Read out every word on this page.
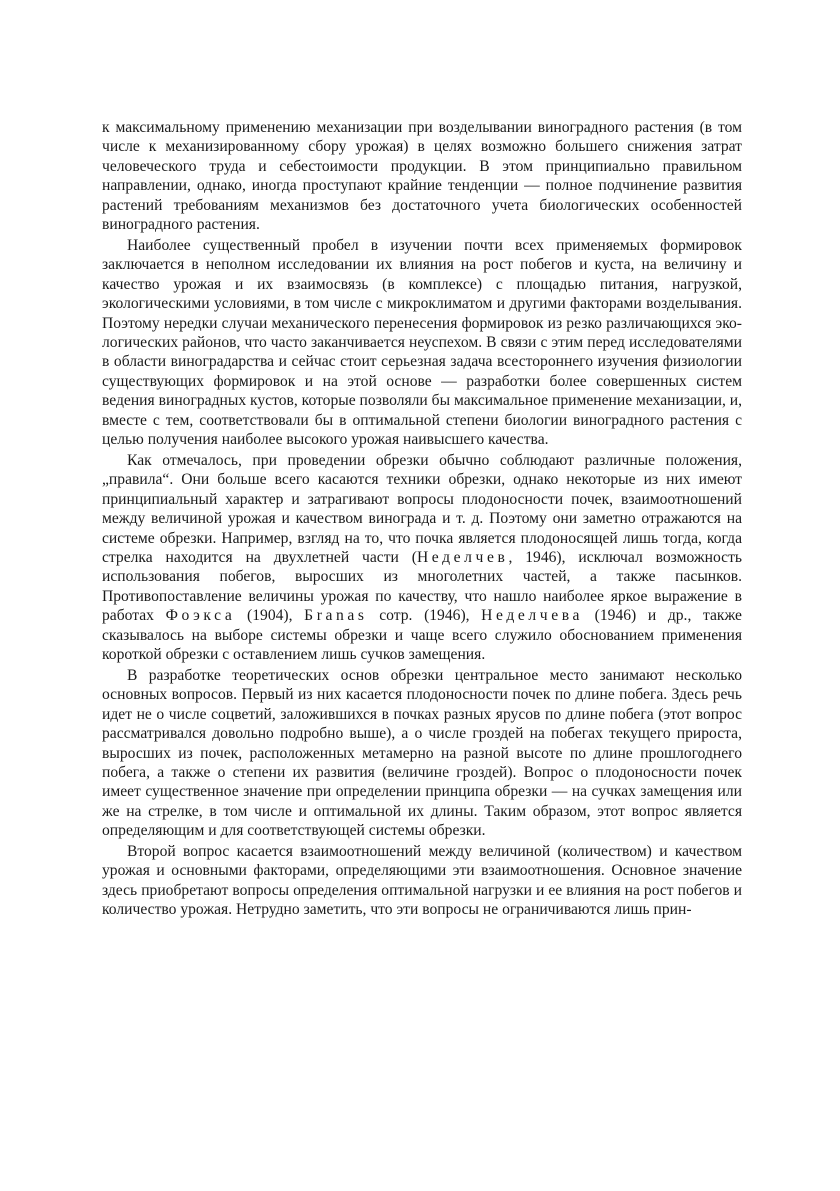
к максимальному применению механизации при возделывании виноградного растения (в том числе к механизированному сбору урожая) в целях возможно большего снижения затрат человеческого труда и себестоимости продукции. В этом принципиально правильном направлении, однако, иногда проступают крайние тенденции — полное подчинение развития растений требованиям механизмов без достаточного учета биологических особенностей виноградного растения.

Наиболее существенный пробел в изучении почти всех применяемых формировок заключается в неполном исследовании их влияния на рост побегов и куста, на величину и качество урожая и их взаимосвязь (в комплексе) с площадью питания, нагрузкой, экологическими условиями, в том числе с микроклиматом и другими факторами возделывания. Поэтому нередки случаи механического перенесения формировок из резко различающихся экологических районов, что часто заканчивается неуспехом. В связи с этим перед исследователями в области виноградарства и сейчас стоит серьезная задача всестороннего изучения физиологии существующих формировок и на этой основе — разработки более совершенных систем ведения виноградных кустов, которые позволяли бы максимальное применение механизации, и, вместе с тем, соответствовали бы в оптимальной степени биологии виноградного растения с целью получения наиболее высокого урожая наивысшего качества.

Как отмечалось, при проведении обрезки обычно соблюдают различные положения, „правила“. Они больше всего касаются техники обрезки, однако некоторые из них имеют принципиальный характер и затрагивают вопросы плодоносности почек, взаимоотношений между величиной урожая и качеством винограда и т. д. Поэтому они заметно отражаются на системе обрезки. Например, взгляд на то, что почка является плодоносящей лишь тогда, когда стрелка находится на двухлетней части (Неделчев, 1946), исключал возможность использования побегов, выросших из многолетних частей, а также пасынков. Противопоставление величины урожая по качеству, что нашло наиболее яркое выражение в работах Фоэкса (1904), Бranas сотр. (1946), Неделчева (1946) и др., также сказывалось на выборе системы обрезки и чаще всего служило обоснованием применения короткой обрезки с оставлением лишь сучков замещения.

В разработке теоретических основ обрезки центральное место занимают несколько основных вопросов. Первый из них касается плодоносности почек по длине побега. Здесь речь идет не о числе соцветий, заложившихся в почках разных ярусов по длине побега (этот вопрос рассматривался довольно подробно выше), а о числе гроздей на побегах текущего прироста, выросших из почек, расположенных метамерно на разной высоте по длине прошлогоднего побега, а также о степени их развития (величине гроздей). Вопрос о плодоносности почек имеет существенное значение при определении принципа обрезки — на сучках замещения или же на стрелке, в том числе и оптимальной их длины. Таким образом, этот вопрос является определяющим и для соответствующей системы обрезки.

Второй вопрос касается взаимоотношений между величиной (количеством) и качеством урожая и основными факторами, определяющими эти взаимоотношения. Основное значение здесь приобретают вопросы определения оптимальной нагрузки и ее влияния на рост побегов и количество урожая. Нетрудно заметить, что эти вопросы не ограничиваются лишь прин-
